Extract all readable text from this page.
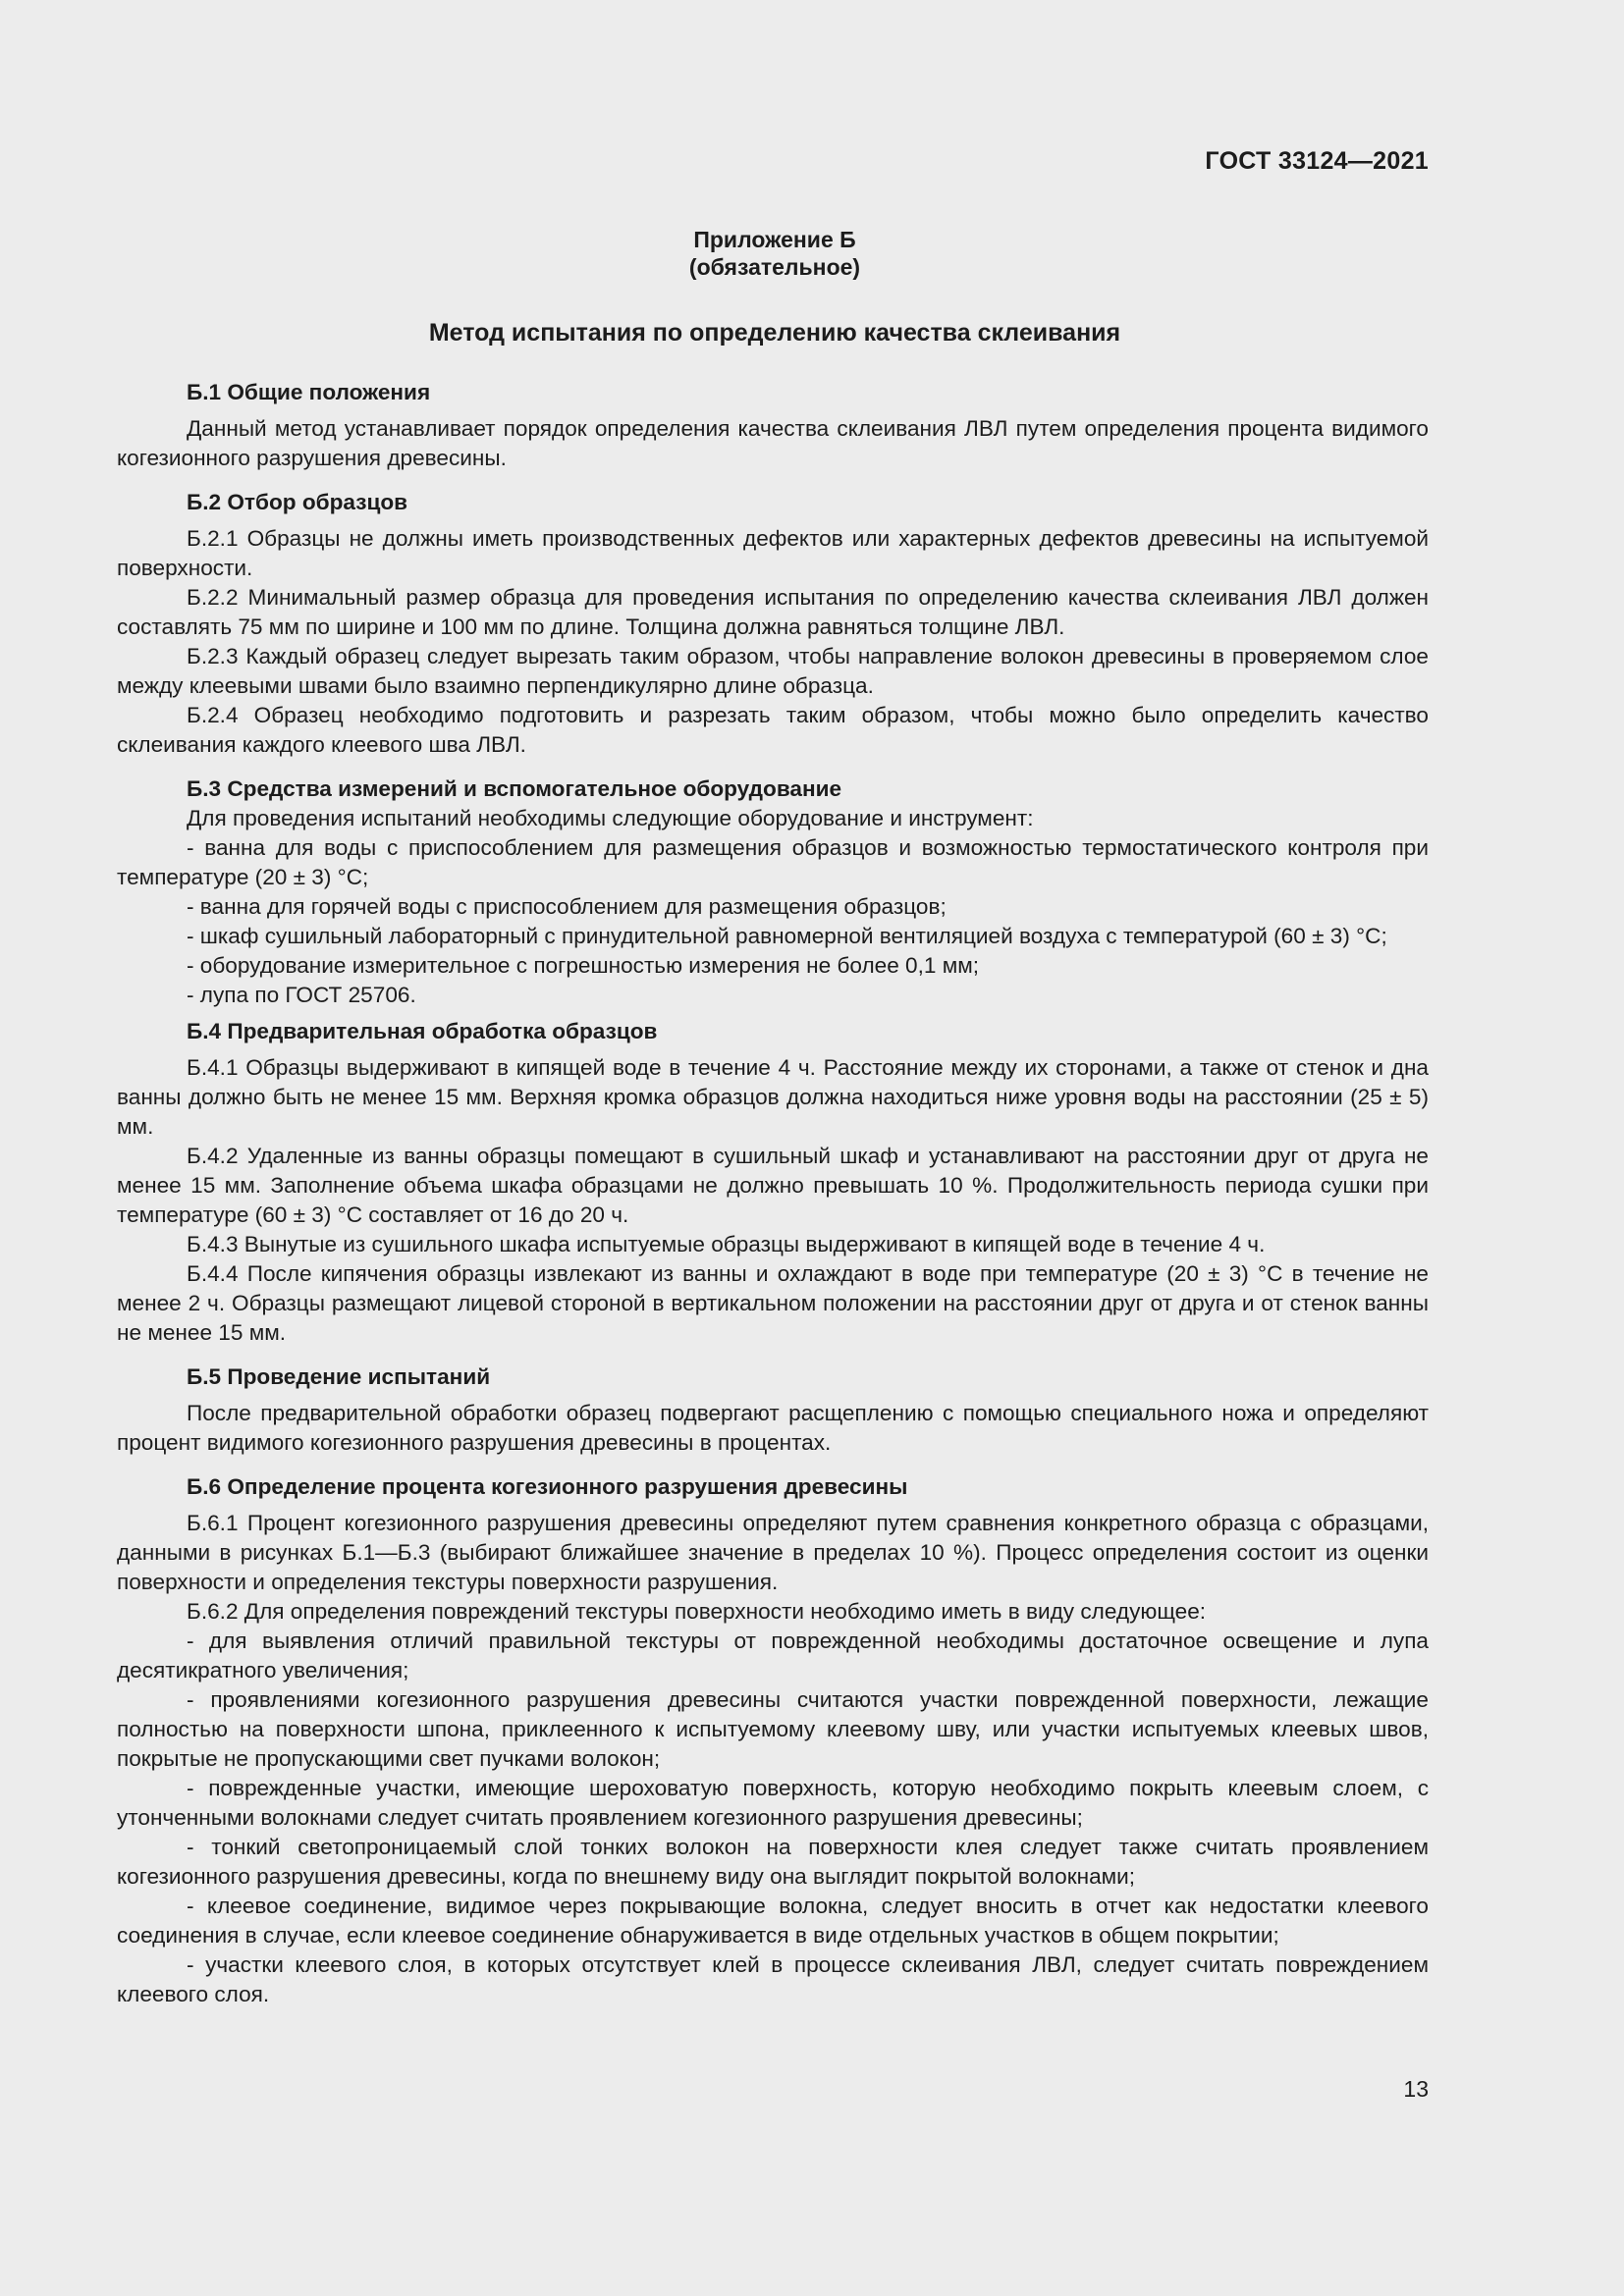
ГОСТ 33124—2021
Приложение Б
(обязательное)
Метод испытания по определению качества склеивания

Б.1 Общие положения

Данный метод устанавливает порядок определения качества склеивания ЛВЛ путем определения процента видимого когезионного разрушения древесины.

Б.2 Отбор образцов

Б.2.1 Образцы не должны иметь производственных дефектов или характерных дефектов древесины на испытуемой поверхности.

Б.2.2 Минимальный размер образца для проведения испытания по определению качества склеивания ЛВЛ должен составлять 75 мм по ширине и 100 мм по длине. Толщина должна равняться толщине ЛВЛ.

Б.2.3 Каждый образец следует вырезать таким образом, чтобы направление волокон древесины в проверяемом слое между клеевыми швами было взаимно перпендикулярно длине образца.

Б.2.4 Образец необходимо подготовить и разрезать таким образом, чтобы можно было определить качество склеивания каждого клеевого шва ЛВЛ.

Б.3 Средства измерений и вспомогательное оборудование

Для проведения испытаний необходимы следующие оборудование и инструмент:

- ванна для воды с приспособлением для размещения образцов и возможностью термостатического контроля при температуре (20 ± 3) °С;

- ванна для горячей воды с приспособлением для размещения образцов;

- шкаф сушильный лабораторный с принудительной равномерной вентиляцией воздуха с температурой (60 ± 3) °С;

- оборудование измерительное с погрешностью измерения не более 0,1 мм;

- лупа по ГОСТ 25706.

Б.4 Предварительная обработка образцов

Б.4.1 Образцы выдерживают в кипящей воде в течение 4 ч. Расстояние между их сторонами, а также от стенок и дна ванны должно быть не менее 15 мм. Верхняя кромка образцов должна находиться ниже уровня воды на расстоянии (25 ± 5) мм.

Б.4.2 Удаленные из ванны образцы помещают в сушильный шкаф и устанавливают на расстоянии друг от друга не менее 15 мм. Заполнение объема шкафа образцами не должно превышать 10 %. Продолжительность периода сушки при температуре (60 ± 3) °С составляет от 16 до 20 ч.

Б.4.3 Вынутые из сушильного шкафа испытуемые образцы выдерживают в кипящей воде в течение 4 ч.

Б.4.4 После кипячения образцы извлекают из ванны и охлаждают в воде при температуре (20 ± 3) °С в течение не менее 2 ч. Образцы размещают лицевой стороной в вертикальном положении на расстоянии друг от друга и от стенок ванны не менее 15 мм.

Б.5 Проведение испытаний

После предварительной обработки образец подвергают расщеплению с помощью специального ножа и определяют процент видимого когезионного разрушения древесины в процентах.

Б.6 Определение процента когезионного разрушения древесины

Б.6.1 Процент когезионного разрушения древесины определяют путем сравнения конкретного образца с образцами, данными в рисунках Б.1—Б.3 (выбирают ближайшее значение в пределах 10 %). Процесс определения состоит из оценки поверхности и определения текстуры поверхности разрушения.

Б.6.2 Для определения повреждений текстуры поверхности необходимо иметь в виду следующее:

- для выявления отличий правильной текстуры от поврежденной необходимы достаточное освещение и лупа десятикратного увеличения;

- проявлениями когезионного разрушения древесины считаются участки поврежденной поверхности, лежащие полностью на поверхности шпона, приклеенного к испытуемому клеевому шву, или участки испытуемых клеевых швов, покрытые не пропускающими свет пучками волокон;

- поврежденные участки, имеющие шероховатую поверхность, которую необходимо покрыть клеевым слоем, с утонченными волокнами следует считать проявлением когезионного разрушения древесины;

- тонкий светопроницаемый слой тонких волокон на поверхности клея следует также считать проявлением когезионного разрушения древесины, когда по внешнему виду она выглядит покрытой волокнами;

- клеевое соединение, видимое через покрывающие волокна, следует вносить в отчет как недостатки клеевого соединения в случае, если клеевое соединение обнаруживается в виде отдельных участков в общем покрытии;

- участки клеевого слоя, в которых отсутствует клей в процессе склеивания ЛВЛ, следует считать повреждением клеевого слоя.

13
